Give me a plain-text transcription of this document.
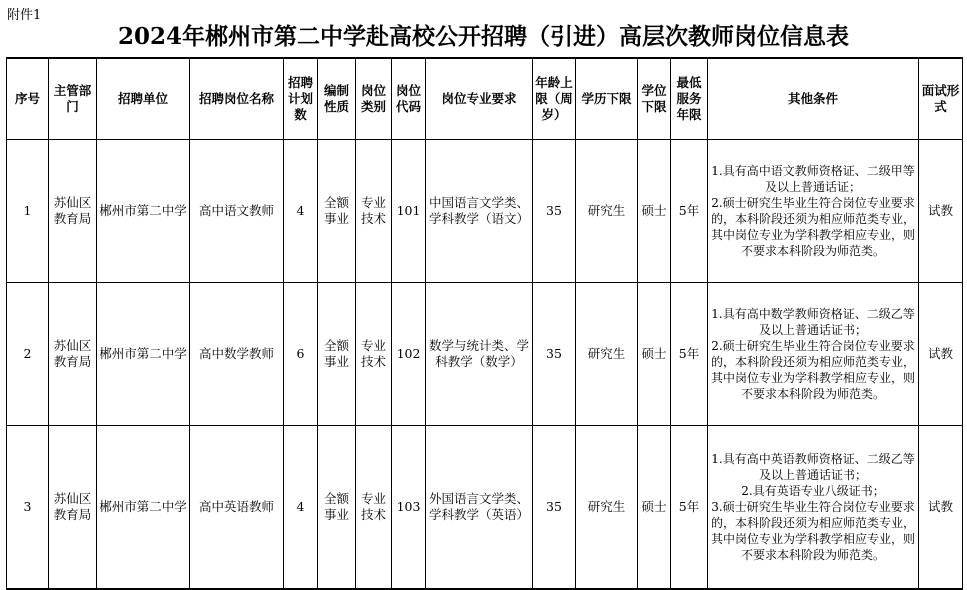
附件1
2024年郴州市第二中学赴高校公开招聘（引进）高层次教师岗位信息表
序号	主管部门	招聘单位	招聘岗位名称	招聘计划数	编制性质	岗位类别	岗位代码	岗位专业要求	年龄上限（周岁）	学历下限	学位下限	最低服务年限	其他条件	面试形式
1	苏仙区教育局	郴州市第二中学	高中语文教师	4	全额事业	专业技术	101	中国语言文学类、学科教学（语文）	35	研究生	硕士	5年	1.具有高中语文教师资格证、二级甲等及以上普通话证；
2.硕士研究生毕业生符合岗位专业要求的，本科阶段还须为相应师范类专业，其中岗位专业为学科教学相应专业，则不要求本科阶段为师范类。	试教
2	苏仙区教育局	郴州市第二中学	高中数学教师	6	全额事业	专业技术	102	数学与统计类、学科教学（数学）	35	研究生	硕士	5年	1.具有高中数学教师资格证、二级乙等及以上普通话证书；
2.硕士研究生毕业生符合岗位专业要求的，本科阶段还须为相应师范类专业，其中岗位专业为学科教学相应专业，则不要求本科阶段为师范类。	试教
3	苏仙区教育局	郴州市第二中学	高中英语教师	4	全额事业	专业技术	103	外国语言文学类、学科教学（英语）	35	研究生	硕士	5年	1.具有高中英语教师资格证、二级乙等及以上普通话证书；
2.具有英语专业八级证书；
3.硕士研究生毕业生符合岗位专业要求的，本科阶段还须为相应师范类专业，其中岗位专业为学科教学相应专业，则不要求本科阶段为师范类。	试教
